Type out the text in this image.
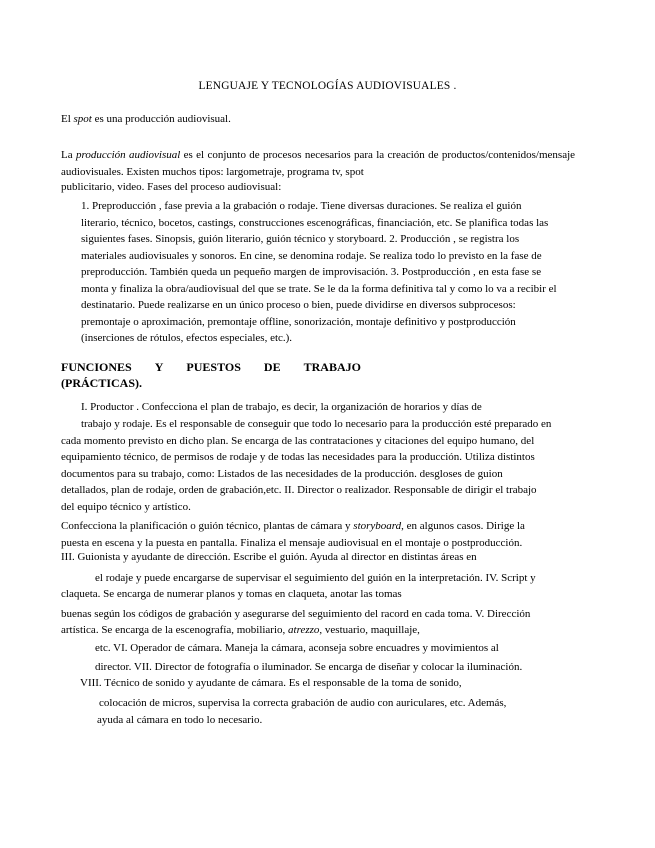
LENGUAJE Y TECNOLOGÍAS AUDIOVISUALES .
El spot es una producción audiovisual.
La producción audiovisual es el conjunto de procesos necesarios para la creación de productos/contenidos/mensaje audiovisuales. Existen muchos tipos: largometraje, programa tv, spot
publicitario, video. Fases del proceso audiovisual:
1. Preproducción , fase previa a la grabación o rodaje. Tiene diversas duraciones. Se realiza el guión
literario, técnico, bocetos, castings, construcciones escenográficas, financiación, etc. Se planifica todas las
siguientes fases. Sinopsis, guión literario, guión técnico y storyboard. 2. Producción , se registra los
materiales audiovisuales y sonoros. En cine, se denomina rodaje. Se realiza todo lo previsto en la fase de
preproducción. También queda un pequeño margen de improvisación. 3. Postproducción , en esta fase se
monta y finaliza la obra/audiovisual del que se trate. Se le da la forma definitiva tal y como lo va a recibir el
destinatario. Puede realizarse en un único proceso o bien, puede dividirse en diversos subprocesos:
premontaje o aproximación, premontaje offline, sonorización, montaje definitivo y postproducción
(inserciones de rótulos, efectos especiales, etc.).
FUNCIONES Y PUESTOS DE TRABAJO
(PRÁCTICAS).
I. Productor . Confecciona el plan de trabajo, es decir, la organización de horarios y días de
trabajo y rodaje. Es el responsable de conseguir que todo lo necesario para la producción esté preparado en
cada momento previsto en dicho plan. Se encarga de las contrataciones y citaciones del equipo humano, del
equipamiento técnico, de permisos de rodaje y de todas las necesidades para la producción. Utiliza distintos
documentos para su trabajo, como: Listados de las necesidades de la producción. desgloses de guion
detallados, plan de rodaje, orden de grabación,etc. II. Director o realizador. Responsable de dirigir el trabajo
del equipo técnico y artístico.
Confecciona la planificación o guión técnico, plantas de cámara y storyboard, en algunos casos. Dirige la
puesta en escena y la puesta en pantalla. Finaliza el mensaje audiovisual en el montaje o postproducción.
III. Guionista y ayudante de dirección. Escribe el guión. Ayuda al director en distintas áreas en
el rodaje y puede encargarse de supervisar el seguimiento del guión en la interpretación. IV. Script y
claqueta. Se encarga de numerar planos y tomas en claqueta, anotar las tomas
buenas según los códigos de grabación y asegurarse del seguimiento del racord en cada toma. V. Dirección
artística. Se encarga de la escenografía, mobiliario, atrezzo, vestuario, maquillaje,
etc. VI. Operador de cámara. Maneja la cámara, aconseja sobre encuadres y movimientos al
director. VII. Director de fotografía o iluminador. Se encarga de diseñar y colocar la iluminación.
VIII. Técnico de sonido y ayudante de cámara. Es el responsable de la toma de sonido,
colocación de micros, supervisa la correcta grabación de audio con auriculares, etc. Además,
ayuda al cámara en todo lo necesario.
